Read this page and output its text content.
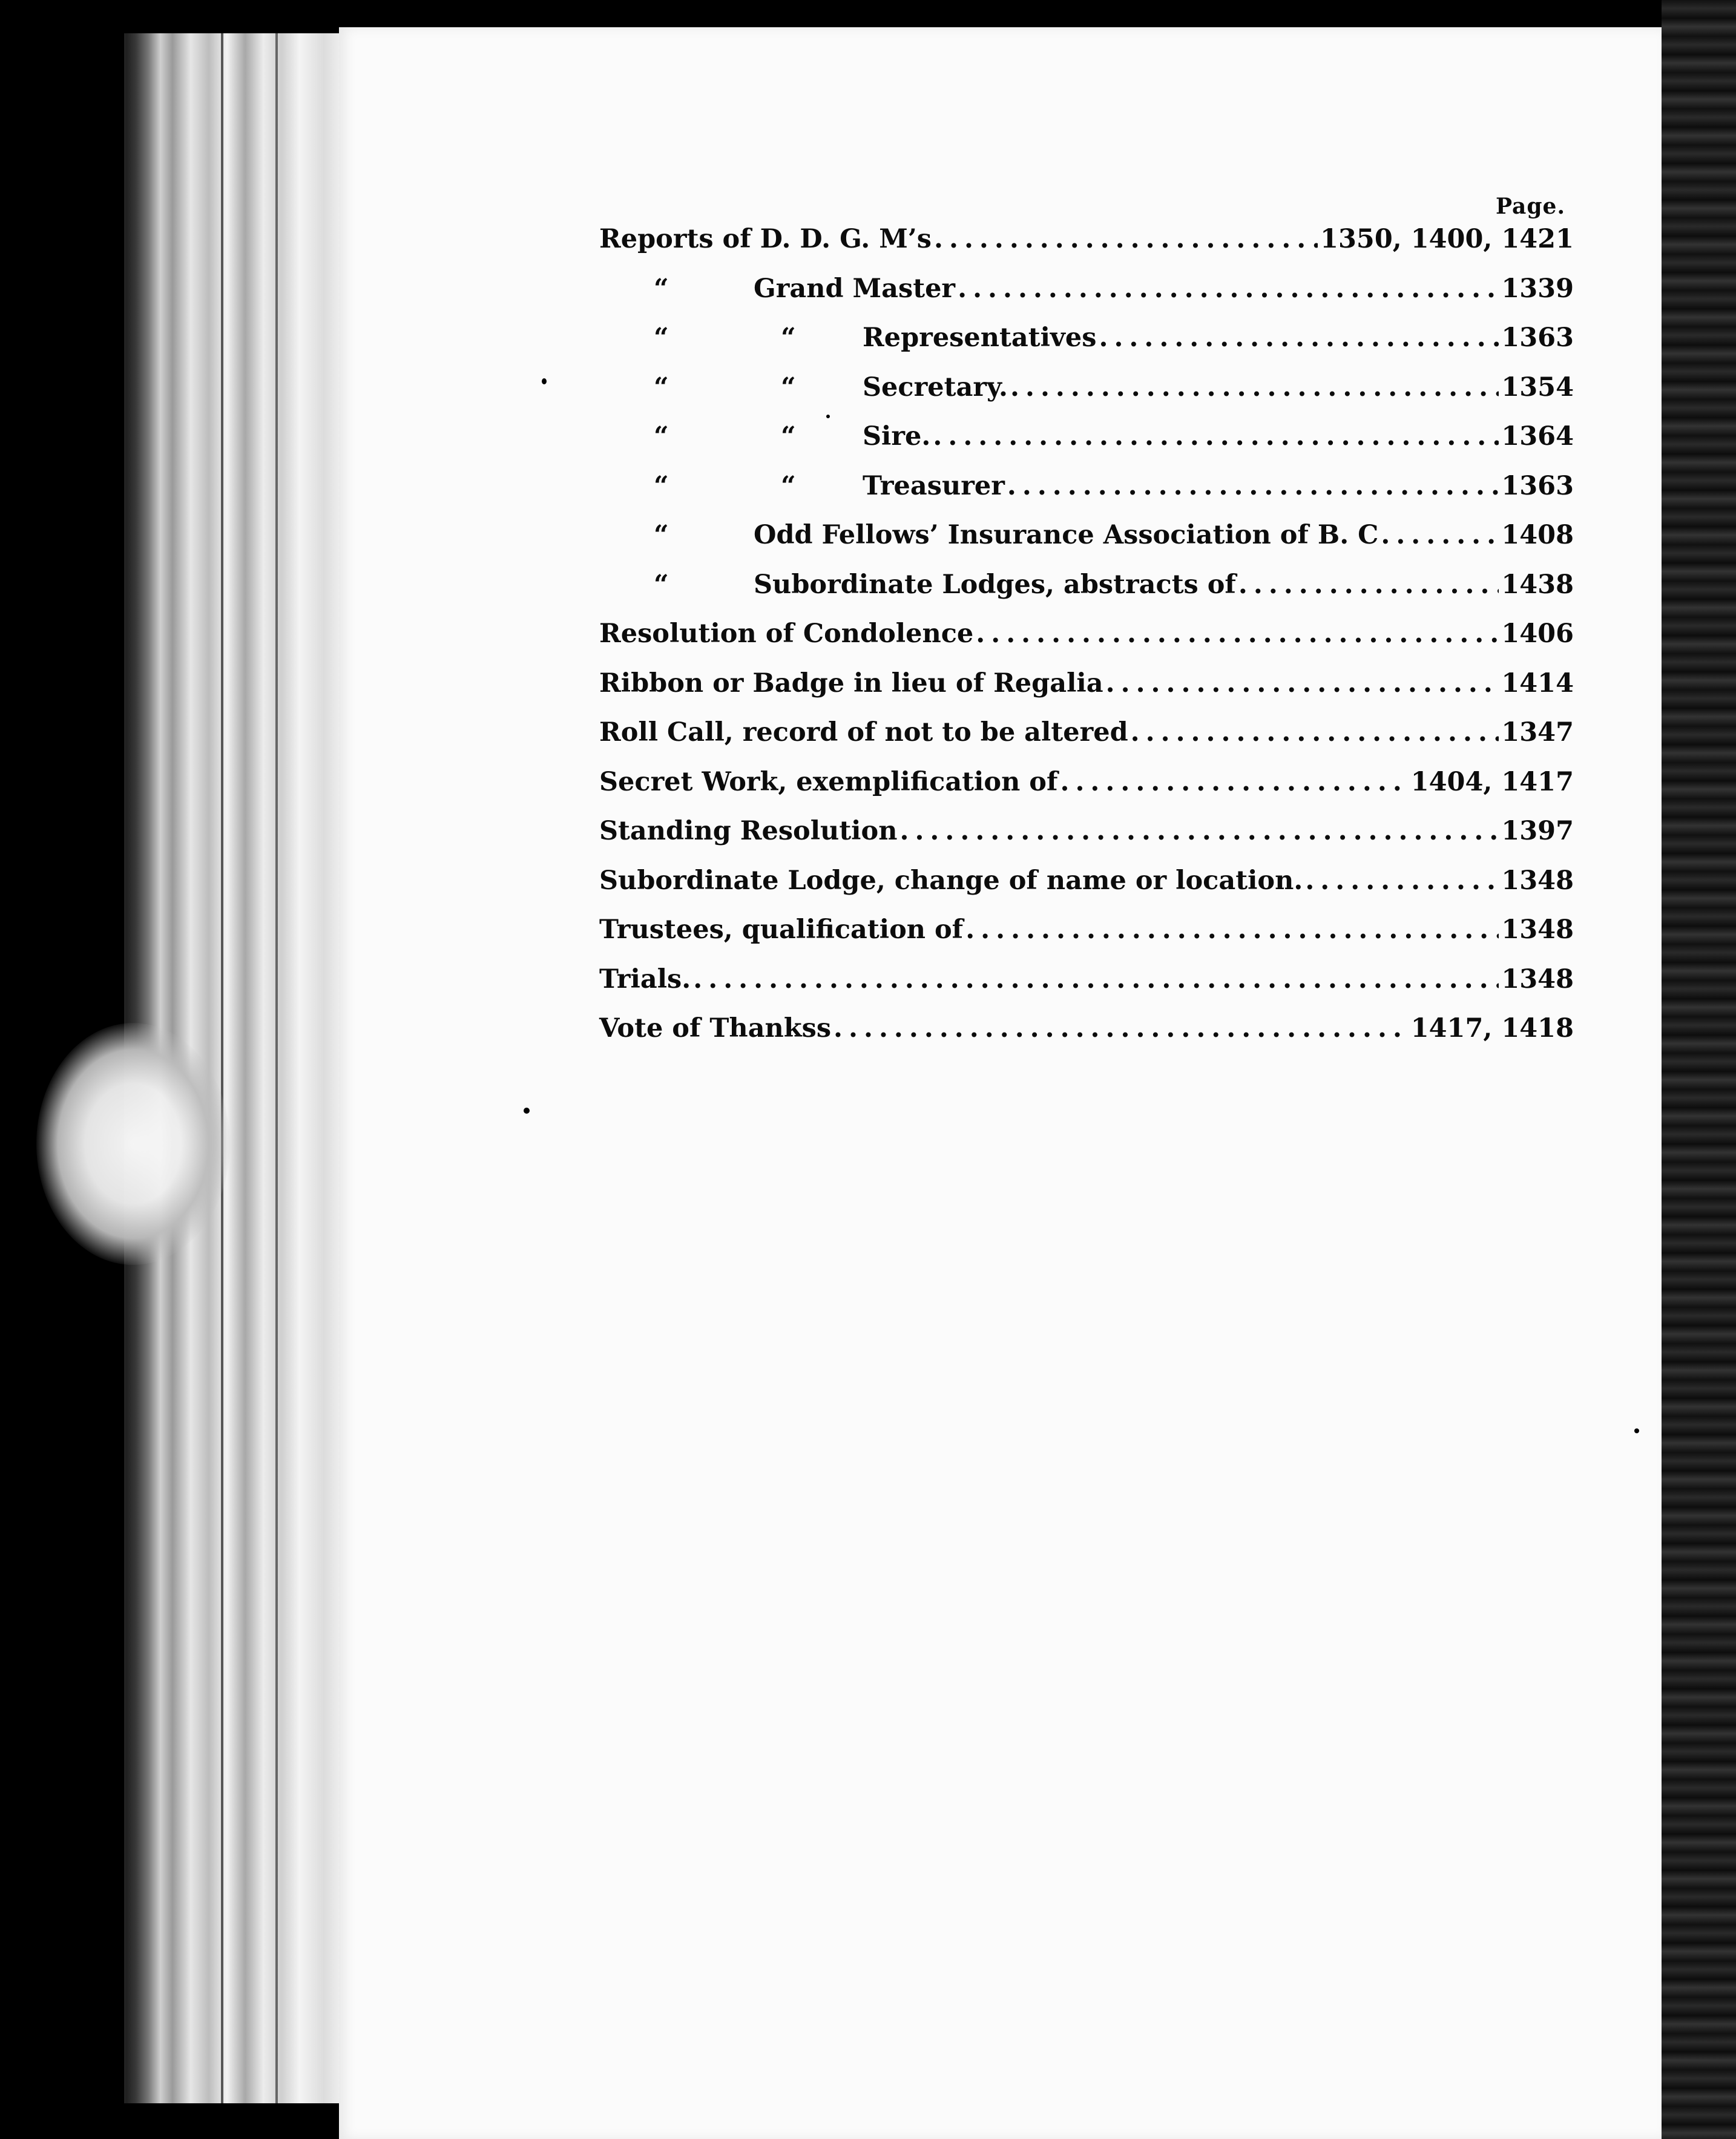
Page.
Reports of D. D. G. M’s .....	1350, 1400, 1421
“	Grand Master .....	1339
“	“	Representatives .....	1363
“	“	Secretary. .....	1354
“	“	Sire. .....	1364
“	“	Treasurer .....	1363
“	Odd Fellows’ Insurance Association of B. C .....	1408
“	Subordinate Lodges, abstracts of .....	1438
Resolution of Condolence .....	1406
Ribbon or Badge in lieu of Regalia .....	1414
Roll Call, record of not to be altered .....	1347
Secret Work, exemplification of .....	1404, 1417
Standing Resolution .....	1397
Subordinate Lodge, change of name or location. .....	1348
Trustees, qualification of .....	1348
Trials. .....	1348
Vote of Thankss .....	1417, 1418
